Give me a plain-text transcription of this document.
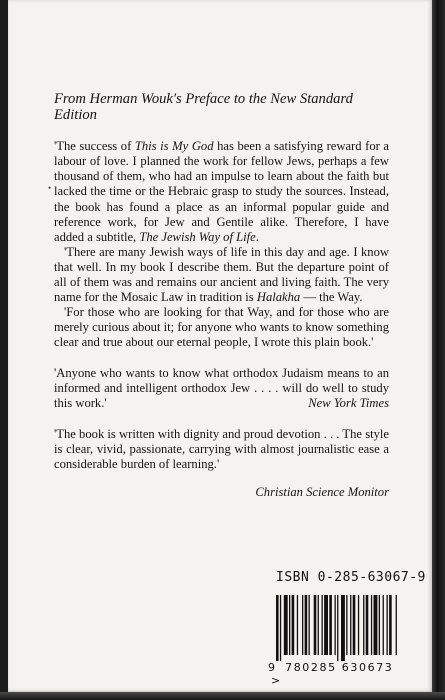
From Herman Wouk's Preface to the New Standard Edition

'The success of This is My God has been a satisfying reward for a labour of love. I planned the work for fellow Jews, perhaps a few thousand of them, who had an impulse to learn about the faith but lacked the time or the Hebraic grasp to study the sources. Instead, the book has found a place as an informal popular guide and reference work, for Jew and Gentile alike. Therefore, I have added a subtitle, The Jewish Way of Life.

'There are many Jewish ways of life in this day and age. I know that well. In my book I describe them. But the departure point of all of them was and remains our ancient and living faith. The very name for the Mosaic Law in tradition is Halakha — the Way.

'For those who are looking for that Way, and for those who are merely curious about it; for anyone who wants to know something clear and true about our eternal people, I wrote this plain book.'

'Anyone who wants to know what orthodox Judaism means to an informed and intelligent orthodox Jew . . . . will do well to study this work.'	New York Times

'The book is written with dignity and proud devotion . . . The style is clear, vivid, passionate, carrying with almost journalistic ease a considerable burden of learning.'

Christian Science Monitor

•
ISBN 0-285-63067-9
9 780285 630673 >
